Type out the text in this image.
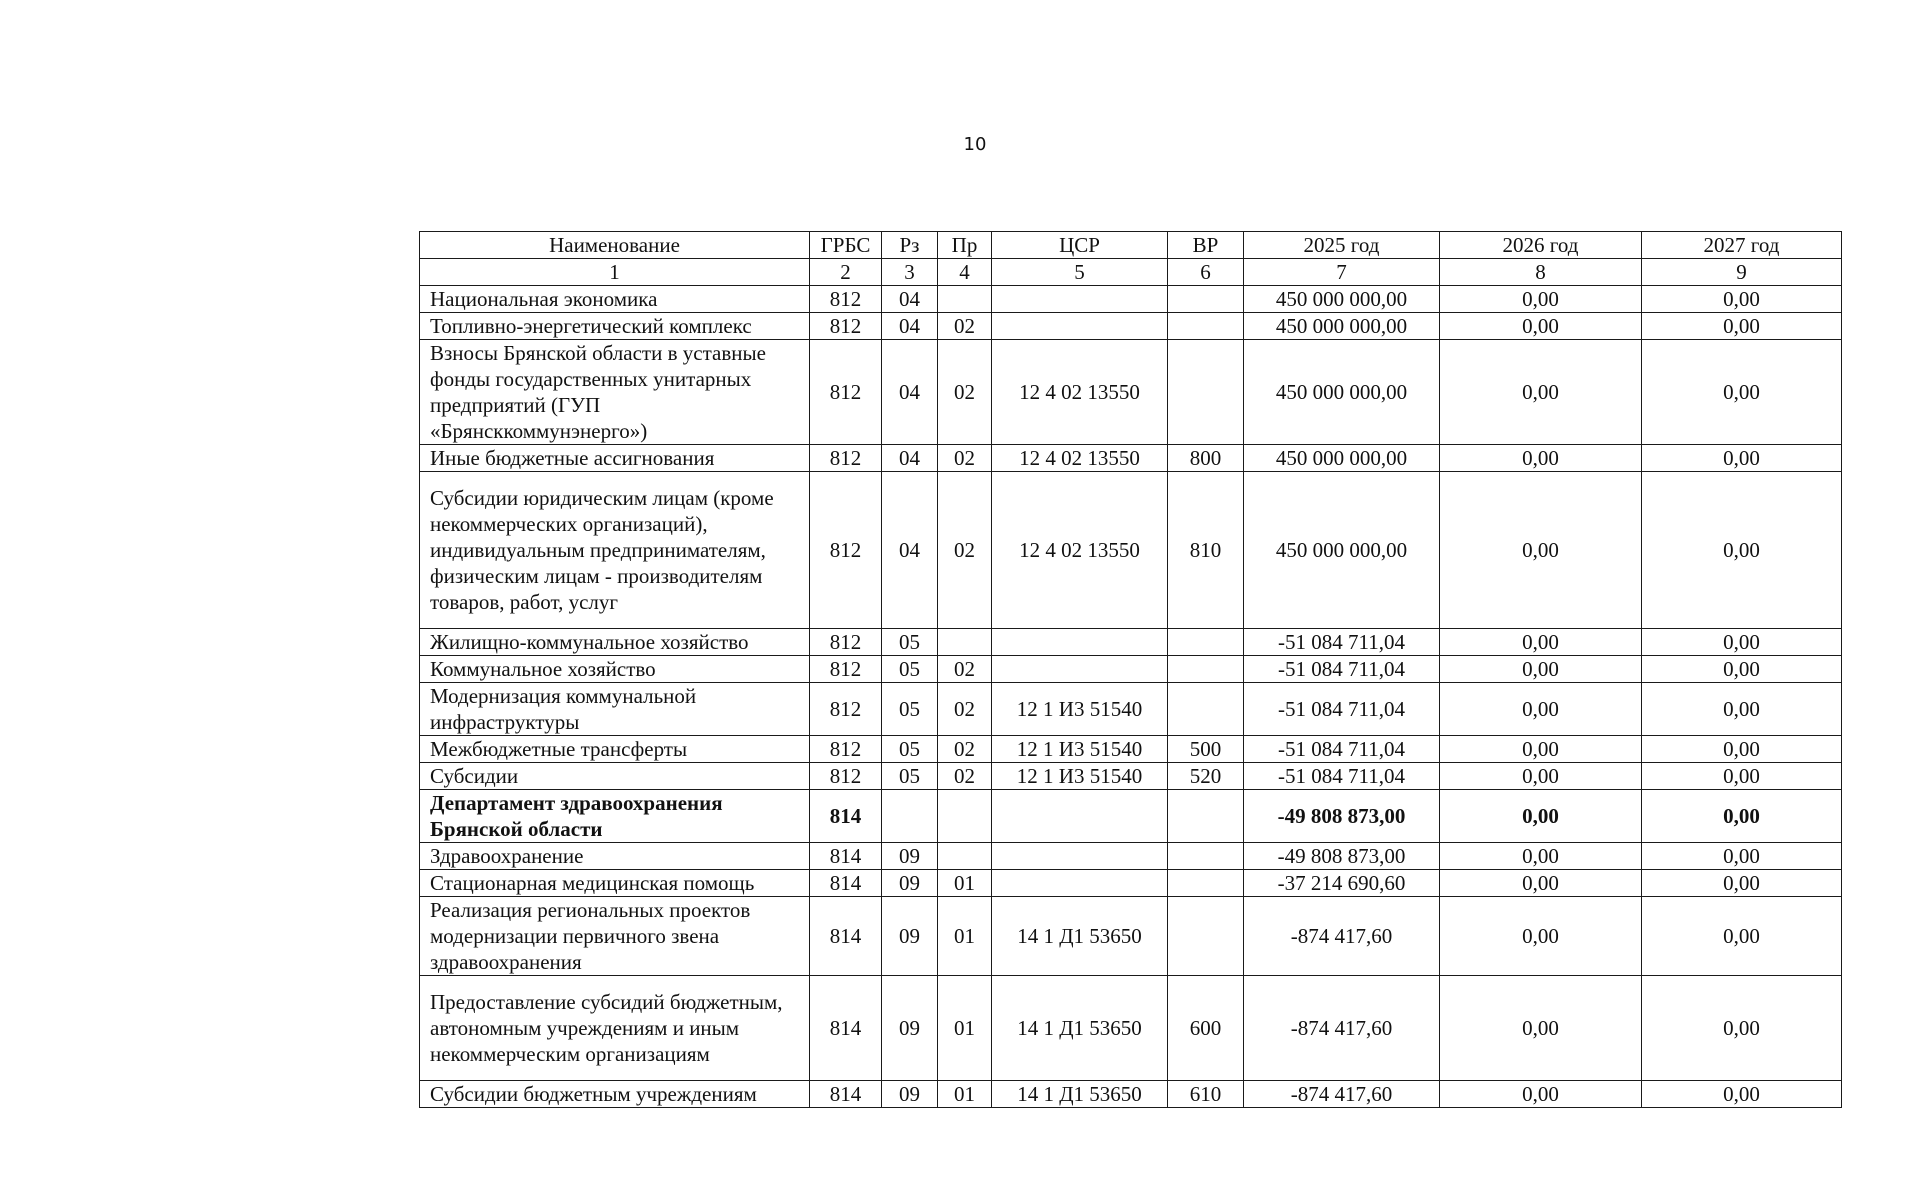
10
Наименование	ГРБС	Рз	Пр	ЦСР	ВР	2025 год	2026 год	2027 год
1	2	3	4	5	6	7	8	9
Национальная экономика	812	04				450 000 000,00	0,00	0,00
Топливно-энергетический комплекс	812	04	02			450 000 000,00	0,00	0,00
Взносы Брянской области в уставные фонды государственных унитарных предприятий (ГУП «Брянсккоммунэнерго»)	812	04	02	12 4 02 13550		450 000 000,00	0,00	0,00
Иные бюджетные ассигнования	812	04	02	12 4 02 13550	800	450 000 000,00	0,00	0,00
Субсидии юридическим лицам (кроме некоммерческих организаций), индивидуальным предпринимателям, физическим лицам - производителям товаров, работ, услуг	812	04	02	12 4 02 13550	810	450 000 000,00	0,00	0,00
Жилищно-коммунальное хозяйство	812	05				-51 084 711,04	0,00	0,00
Коммунальное хозяйство	812	05	02			-51 084 711,04	0,00	0,00
Модернизация коммунальной инфраструктуры	812	05	02	12 1 И3 51540		-51 084 711,04	0,00	0,00
Межбюджетные трансферты	812	05	02	12 1 И3 51540	500	-51 084 711,04	0,00	0,00
Субсидии	812	05	02	12 1 И3 51540	520	-51 084 711,04	0,00	0,00
Департамент здравоохранения Брянской области	814					-49 808 873,00	0,00	0,00
Здравоохранение	814	09				-49 808 873,00	0,00	0,00
Стационарная медицинская помощь	814	09	01			-37 214 690,60	0,00	0,00
Реализация региональных проектов модернизации первичного звена здравоохранения	814	09	01	14 1 Д1 53650		-874 417,60	0,00	0,00
Предоставление субсидий бюджетным, автономным учреждениям и иным некоммерческим организациям	814	09	01	14 1 Д1 53650	600	-874 417,60	0,00	0,00
Субсидии бюджетным учреждениям	814	09	01	14 1 Д1 53650	610	-874 417,60	0,00	0,00
